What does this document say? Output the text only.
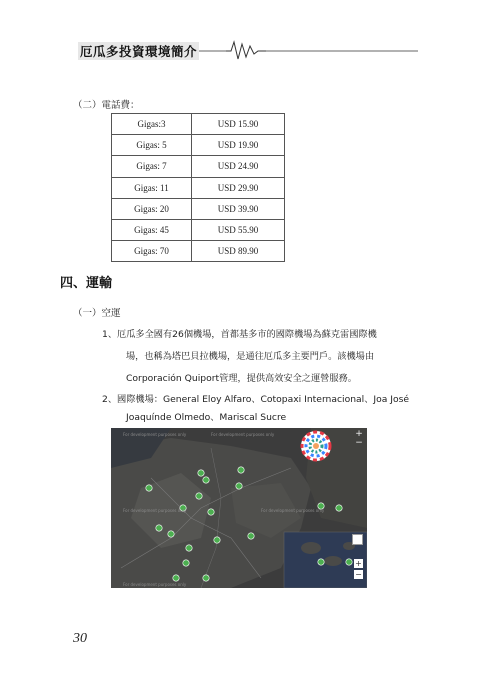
厄瓜多投資環境簡介
（二）電話費：
Gigas:3	USD 15.90
Gigas: 5	USD 19.90
Gigas: 7	USD 24.90
Gigas: 11	USD 29.90
Gigas: 20	USD 39.90
Gigas: 45	USD 55.90
Gigas: 70	USD 89.90
四、運輸
（一）空運
1、厄瓜多全國有26個機場，首都基多市的國際機場為蘇克雷國際機
場，也稱為塔巴貝拉機場，是通往厄瓜多主要門戶。該機場由
Corporación Quiport管理，提供高效安全之運營服務。
2、國際機場：General Eloy Alfaro、Cotopaxi Internacional、Joa José
Joaquínde Olmedo、Mariscal Sucre
For development purposes only	For development purposes only
For development purposes only	For development purposes only
For development purposes only
+
−
+
−
30
